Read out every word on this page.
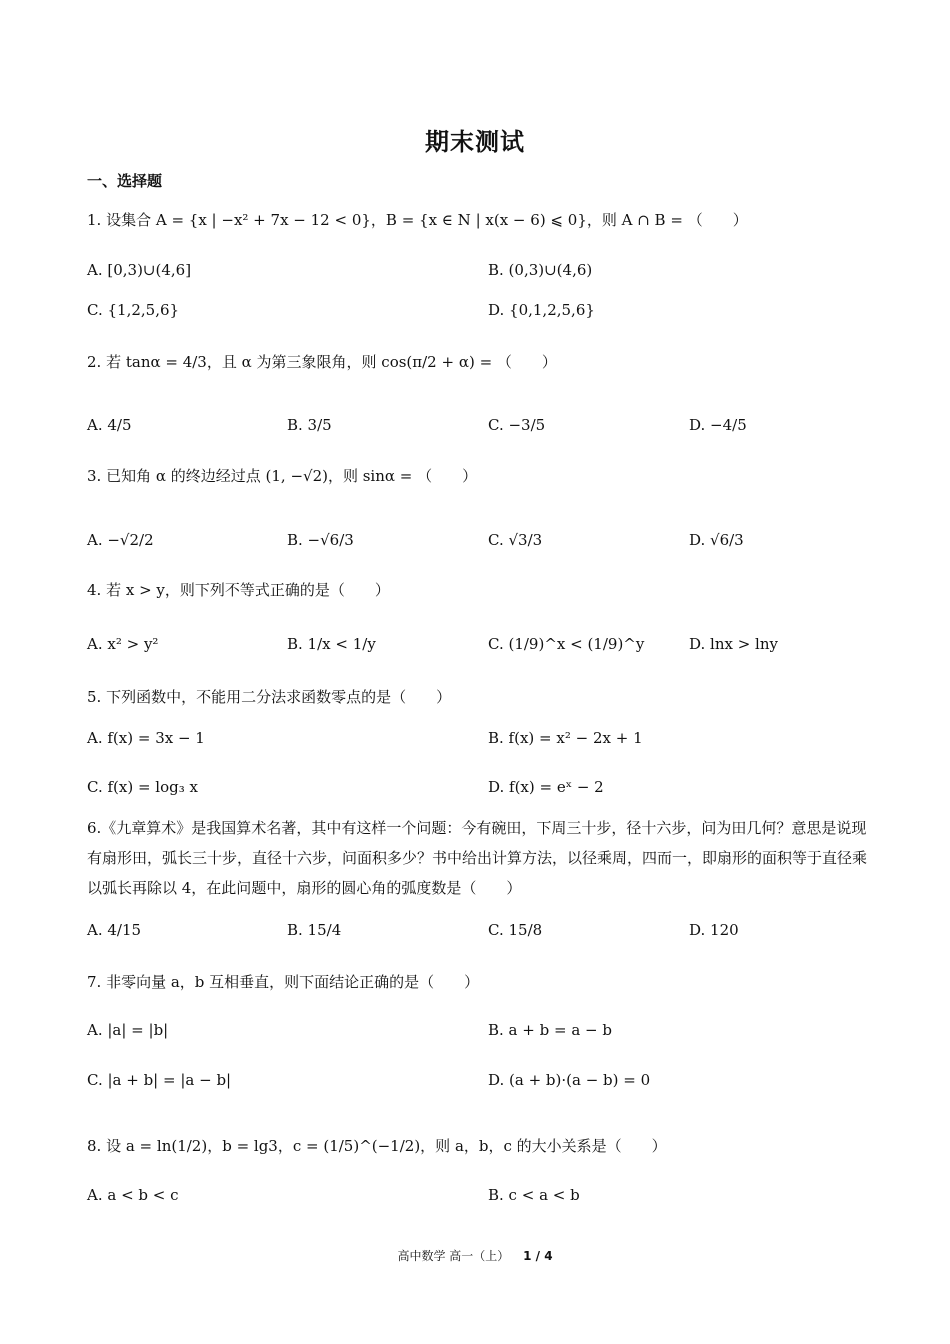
期末测试
一、选择题
1. 设集合 A = {x | −x² + 7x − 12 < 0}，B = {x ∈ N | x(x − 6) ⩽ 0}，则 A ∩ B = （　　）
A. [0,3)∪(4,6]	B. (0,3)∪(4,6)
C. {1,2,5,6}	D. {0,1,2,5,6}
2. 若 tanα = 4/3，且 α 为第三象限角，则 cos(π/2 + α) = （　　）
A. 4/5	B. 3/5	C. −3/5	D. −4/5
3. 已知角 α 的终边经过点 (1, −√2)，则 sinα = （　　）
A. −√2/2	B. −√6/3	C. √3/3	D. √6/3
4. 若 x > y，则下列不等式正确的是（　　）
A. x² > y²	B. 1/x < 1/y	C. (1/9)^x < (1/9)^y	D. lnx > lny
5. 下列函数中，不能用二分法求函数零点的是（　　）
A. f(x) = 3x − 1	B. f(x) = x² − 2x + 1
C. f(x) = log₃ x	D. f(x) = eˣ − 2
6.《九章算术》是我国算术名著，其中有这样一个问题：今有碗田，下周三十步，径十六步，问为田几何？意思是说现有扇形田，弧长三十步，直径十六步，问面积多少？书中给出计算方法，以径乘周，四而一，即扇形的面积等于直径乘以弧长再除以 4，在此问题中，扇形的圆心角的弧度数是（　　）
A. 4/15	B. 15/4	C. 15/8	D. 120
7. 非零向量 a，b 互相垂直，则下面结论正确的是（　　）
A. |a| = |b|	B. a + b = a − b
C. |a + b| = |a − b|	D. (a + b)·(a − b) = 0
8. 设 a = ln(1/2)，b = lg3，c = (1/5)^(−1/2)，则 a，b，c 的大小关系是（　　）
A. a < b < c	B. c < a < b
高中数学 高一（上） 1 / 4
